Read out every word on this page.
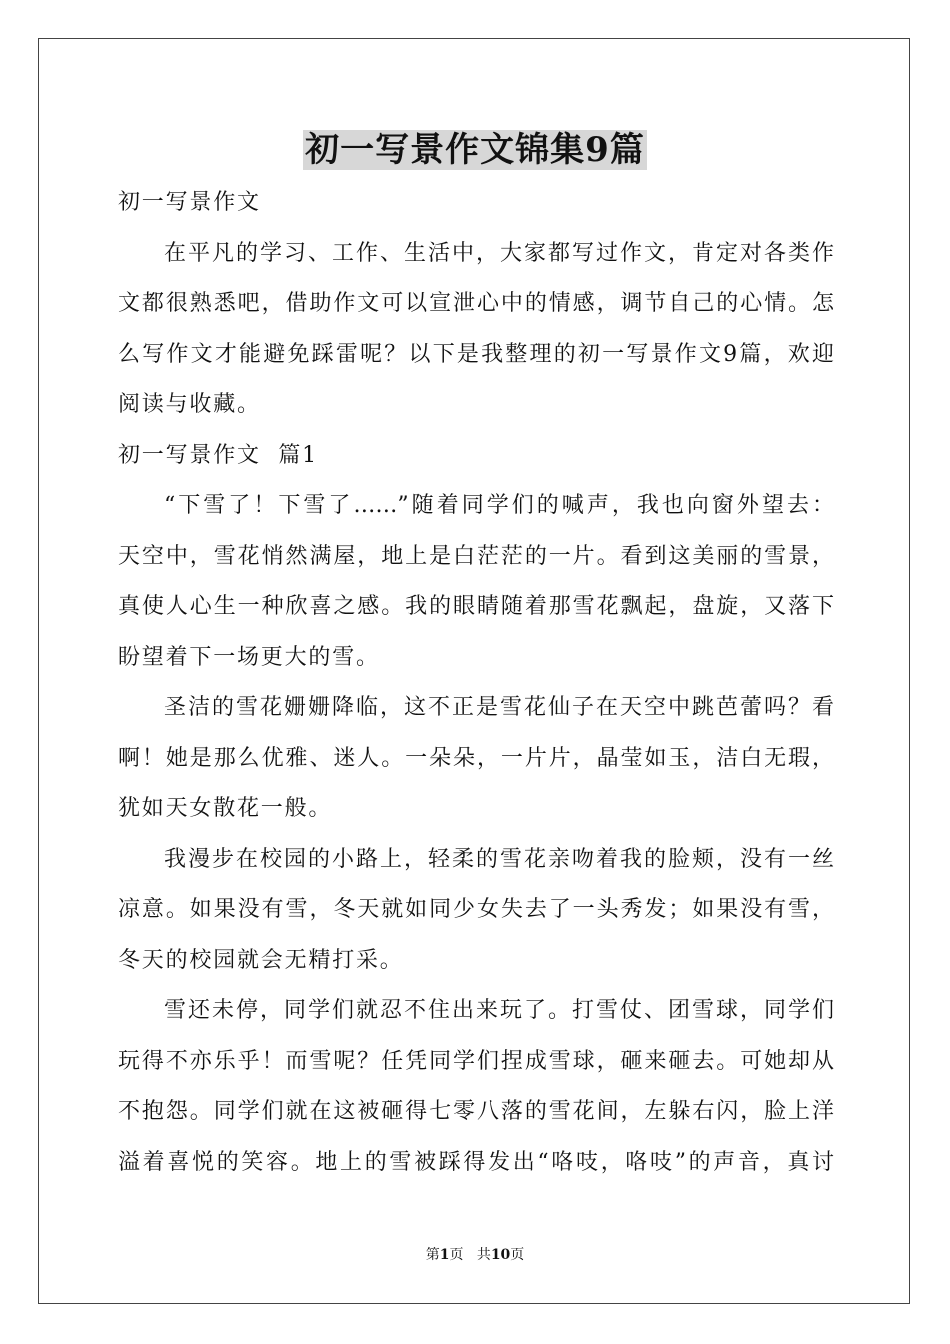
初一写景作文锦集9篇
初一写景作文
在平凡的学习、工作、生活中，大家都写过作文，肯定对各类作
文都很熟悉吧，借助作文可以宣泄心中的情感，调节自己的心情。怎
么写作文才能避免踩雷呢？以下是我整理的初一写景作文9篇，欢迎
阅读与收藏。
初一写景作文  篇1
“下雪了！下雪了……”随着同学们的喊声，我也向窗外望去：
天空中，雪花悄然满屋，地上是白茫茫的一片。看到这美丽的雪景，
真使人心生一种欣喜之感。我的眼睛随着那雪花飘起，盘旋，又落下
盼望着下一场更大的雪。
圣洁的雪花姗姗降临，这不正是雪花仙子在天空中跳芭蕾吗？看
啊！她是那么优雅、迷人。一朵朵，一片片，晶莹如玉，洁白无瑕，
犹如天女散花一般。
我漫步在校园的小路上，轻柔的雪花亲吻着我的脸颊，没有一丝
凉意。如果没有雪，冬天就如同少女失去了一头秀发；如果没有雪，
冬天的校园就会无精打采。
雪还未停，同学们就忍不住出来玩了。打雪仗、团雪球，同学们
玩得不亦乐乎！而雪呢？任凭同学们捏成雪球，砸来砸去。可她却从
不抱怨。同学们就在这被砸得七零八落的雪花间，左躲右闪，脸上洋
溢着喜悦的笑容。地上的雪被踩得发出“咯吱，咯吱”的声音，真讨
第1页 共10页
